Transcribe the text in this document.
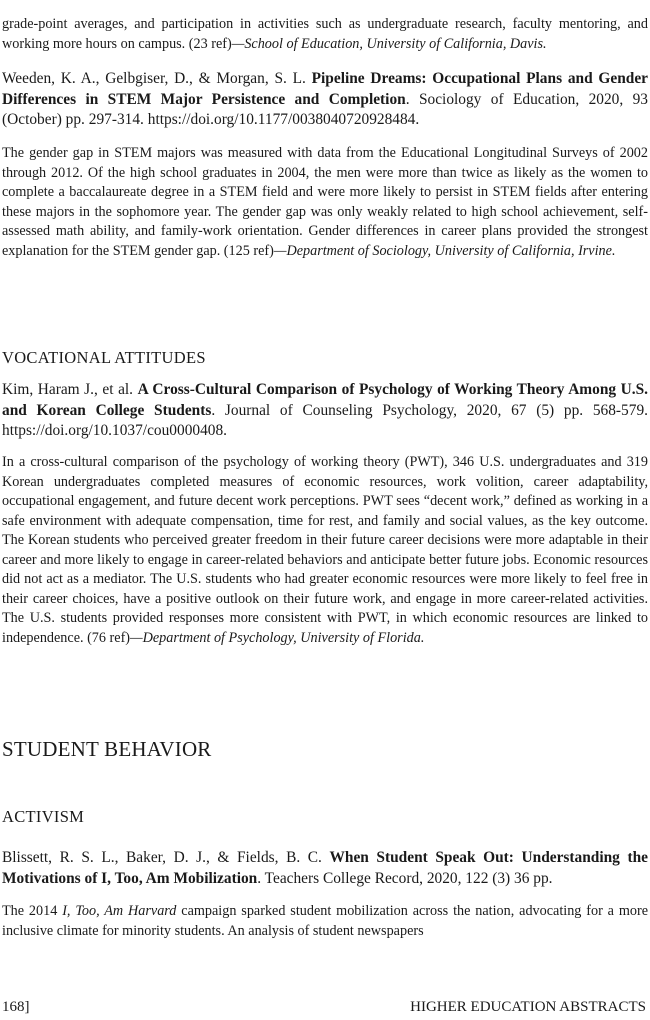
grade-point averages, and participation in activities such as undergraduate research, faculty mentoring, and working more hours on campus. (23 ref)—School of Education, University of California, Davis.

Weeden, K. A., Gelbgiser, D., & Morgan, S. L. Pipeline Dreams: Occupational Plans and Gender Differences in STEM Major Persistence and Completion. Sociology of Education, 2020, 93 (October) pp. 297-314. https://doi.org/10.1177/0038040720928484.

The gender gap in STEM majors was measured with data from the Educational Longitudinal Surveys of 2002 through 2012. Of the high school graduates in 2004, the men were more than twice as likely as the women to complete a baccalaureate degree in a STEM field and were more likely to persist in STEM fields after entering these majors in the sophomore year. The gender gap was only weakly related to high school achievement, self-assessed math ability, and family-work orientation. Gender differences in career plans provided the strongest explanation for the STEM gender gap. (125 ref)—Department of Sociology, University of California, Irvine.

VOCATIONAL ATTITUDES

Kim, Haram J., et al. A Cross-Cultural Comparison of Psychology of Working Theory Among U.S. and Korean College Students. Journal of Counseling Psychology, 2020, 67 (5) pp. 568-579. https://doi.org/10.1037/cou0000408.

In a cross-cultural comparison of the psychology of working theory (PWT), 346 U.S. undergraduates and 319 Korean undergraduates completed measures of economic resources, work volition, career adaptability, occupational engagement, and future decent work perceptions. PWT sees “decent work,” defined as working in a safe environment with adequate compensation, time for rest, and family and social values, as the key outcome. The Korean students who perceived greater freedom in their future career decisions were more adaptable in their career and more likely to engage in career-related behaviors and anticipate better future jobs. Economic resources did not act as a mediator. The U.S. students who had greater economic resources were more likely to feel free in their career choices, have a positive outlook on their future work, and engage in more career-related activities. The U.S. students provided responses more consistent with PWT, in which economic resources are linked to independence. (76 ref)—Department of Psychology, University of Florida.

STUDENT BEHAVIOR
ACTIVISM

Blissett, R. S. L., Baker, D. J., & Fields, B. C. When Student Speak Out: Understanding the Motivations of I, Too, Am Mobilization. Teachers College Record, 2020, 122 (3) 36 pp.

The 2014 I, Too, Am Harvard campaign sparked student mobilization across the nation, advocating for a more inclusive climate for minority students. An analysis of student newspapers

168]	HIGHER EDUCATION ABSTRACTS
